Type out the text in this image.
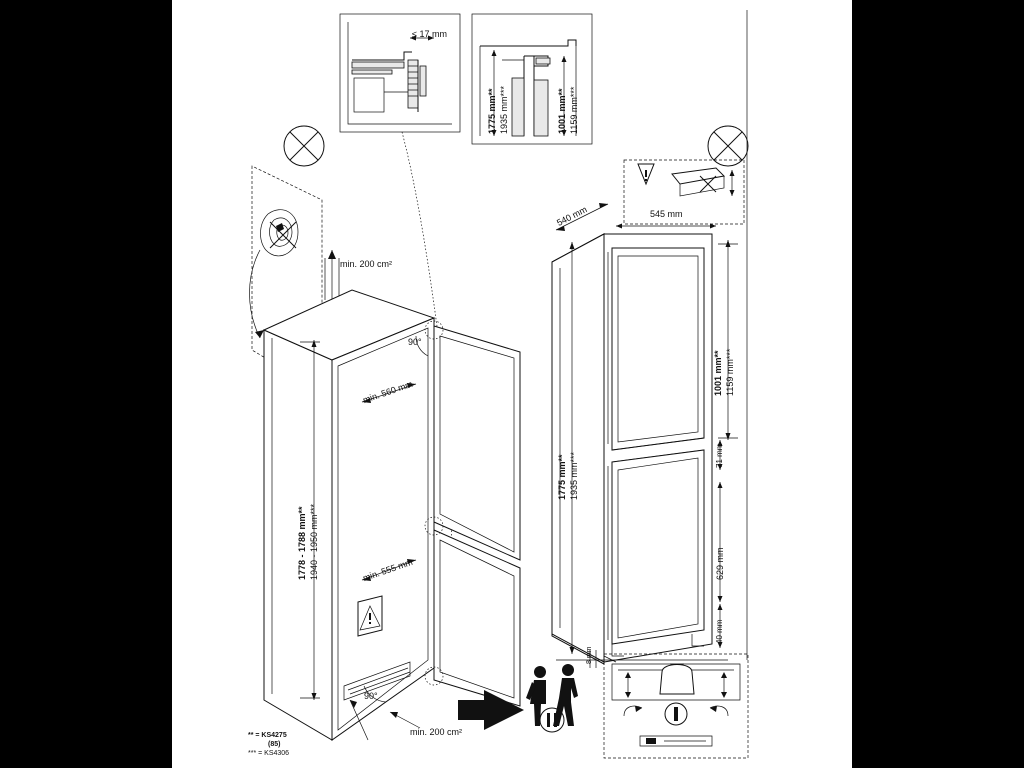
≤ 17 mm
1775 mm** 1935 mm***	1001 mm** 1159 mm***
min. 200 cm²
min. 200 cm²
min. 560 mm
min. 555 mm
1778 - 1788 mm** 1940 - 1950 mm***
90°
90°
540 mm	545 mm
1775 mm** 1935 mm***
1001 mm** 1159 mm***
71 mm
629 mm
40 mm
8 mm
** = KS4275
(85)
*** = KS4306
